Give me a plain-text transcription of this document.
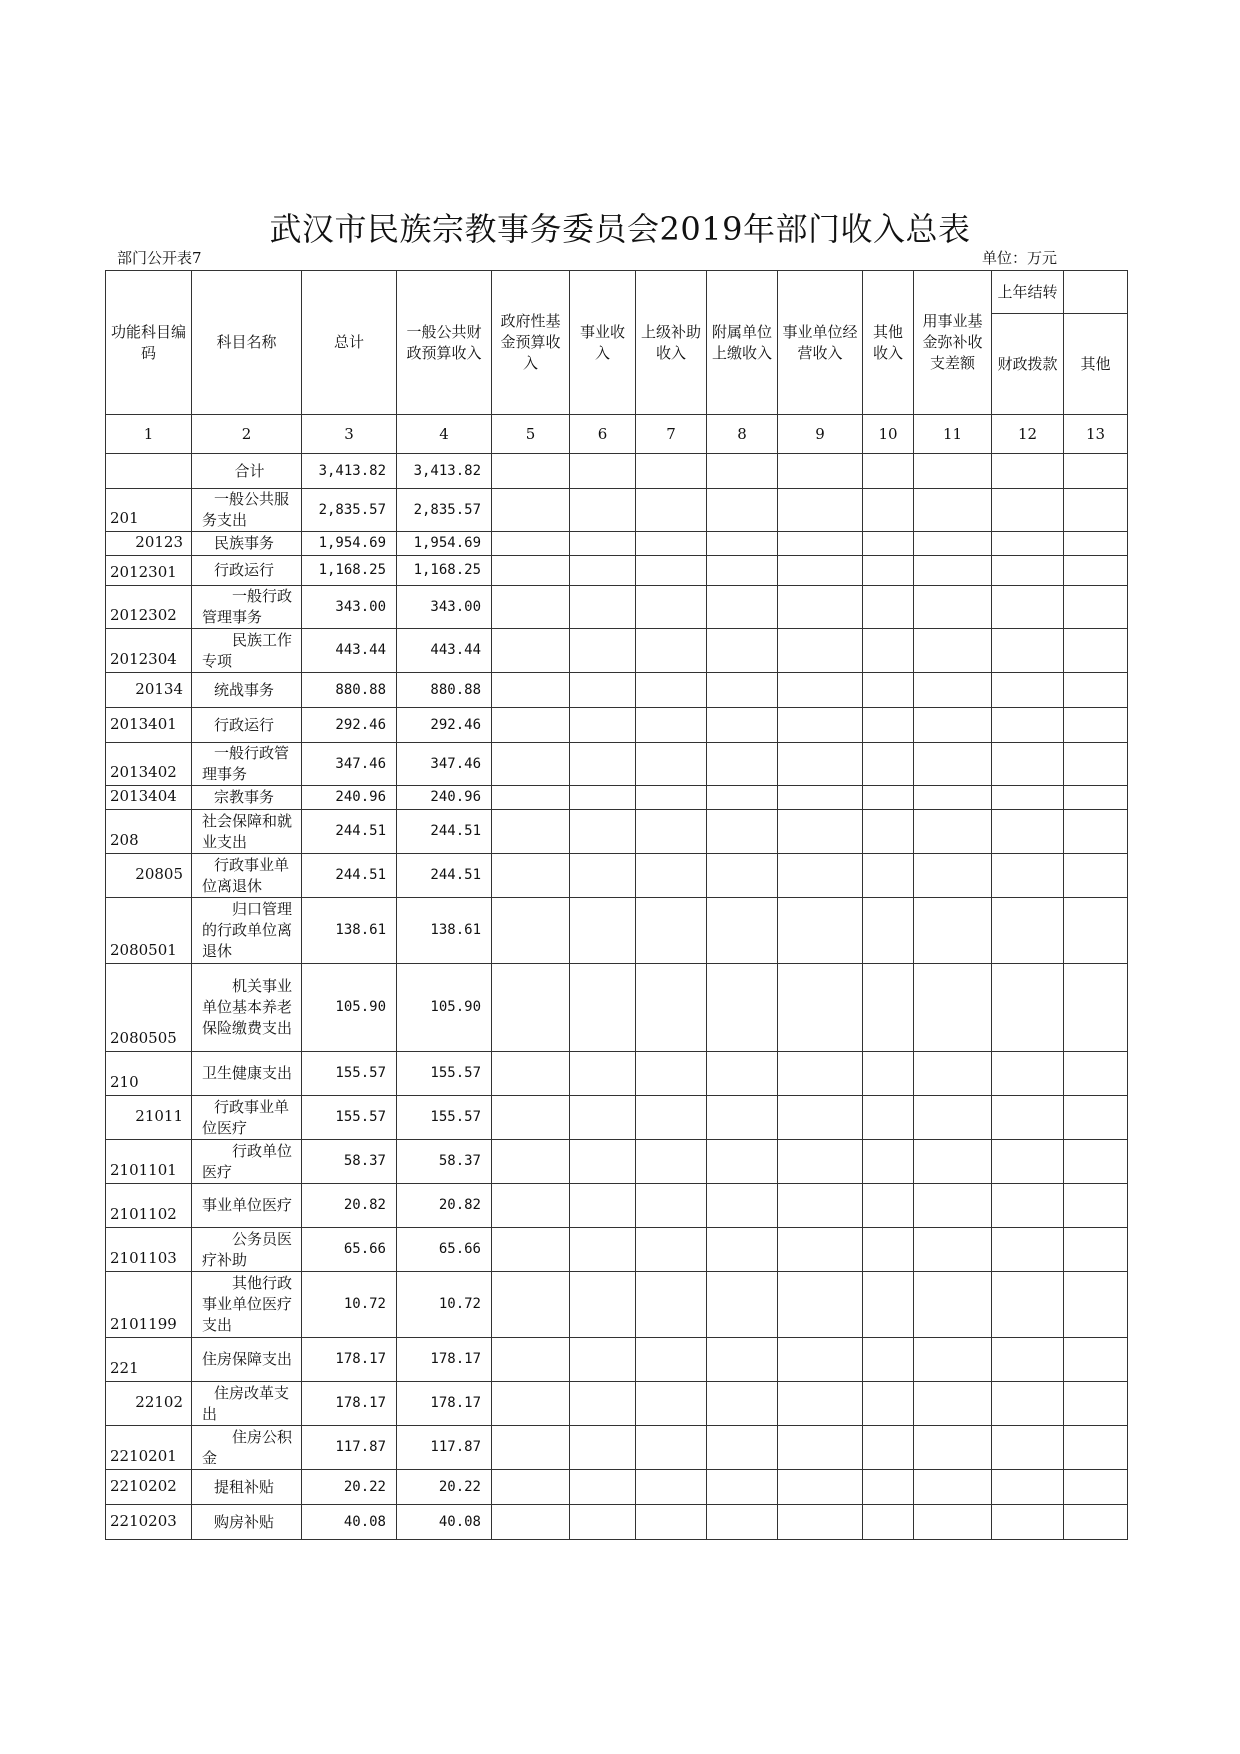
武汉市民族宗教事务委员会2019年部门收入总表
部门公开表7	单位：万元
功能科目编码	科目名称	总计	一般公共财政预算收入	政府性基金预算收入	事业收入	上级补助收入	附属单位上缴收入	事业单位经营收入	其他收入	用事业基金弥补收支差额	上年结转	
											财政拨款	其他
1	2	3	4	5	6	7	8	9	10	11	12	13
	合计	3,413.82	3,413.82									
201	一般公共服务支出	2,835.57	2,835.57									
20123	民族事务	1,954.69	1,954.69									
2012301	行政运行	1,168.25	1,168.25									
2012302	一般行政管理事务	343.00	343.00									
2012304	民族工作专项	443.44	443.44									
20134	统战事务	880.88	880.88									
2013401	行政运行	292.46	292.46									
2013402	一般行政管理事务	347.46	347.46									
2013404	宗教事务	240.96	240.96									
208	社会保障和就业支出	244.51	244.51									
20805	行政事业单位离退休	244.51	244.51									
2080501	归口管理的行政单位离退休	138.61	138.61									
2080505	机关事业单位基本养老保险缴费支出	105.90	105.90									
210	卫生健康支出	155.57	155.57									
21011	行政事业单位医疗	155.57	155.57									
2101101	行政单位医疗	58.37	58.37									
2101102	事业单位医疗	20.82	20.82									
2101103	公务员医疗补助	65.66	65.66									
2101199	其他行政事业单位医疗支出	10.72	10.72									
221	住房保障支出	178.17	178.17									
22102	住房改革支出	178.17	178.17									
2210201	住房公积金	117.87	117.87									
2210202	提租补贴	20.22	20.22									
2210203	购房补贴	40.08	40.08									
